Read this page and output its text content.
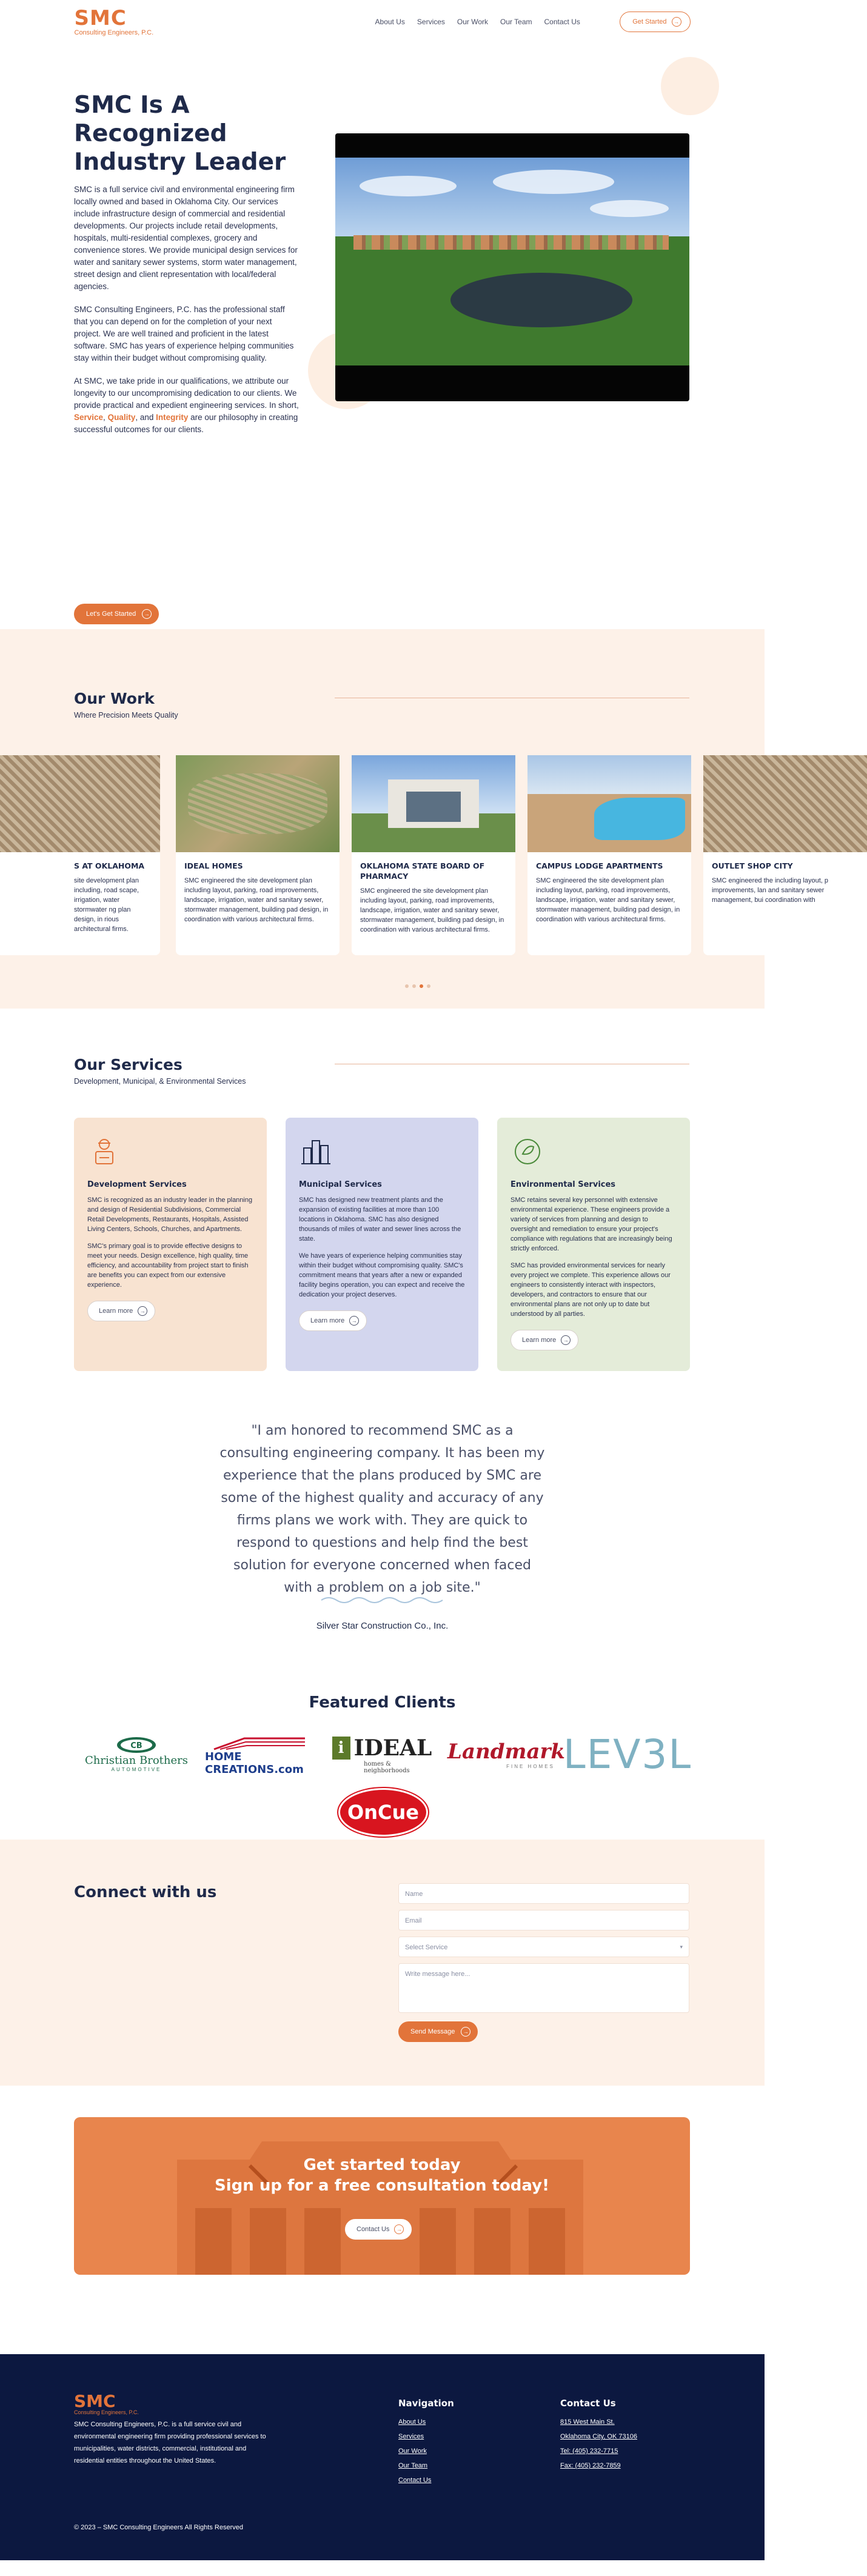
SMC
Consulting Engineers, P.C.
About Us Services Our Work Our Team Contact Us	Get Started	→
SMC Is A Recognized Industry Leader

SMC is a full service civil and environmental engineering firm locally owned and based in Oklahoma City. Our services include infrastructure design of commercial and residential developments. Our projects include retail developments, hospitals, multi-residential complexes, grocery and convenience stores. We provide municipal design services for water and sanitary sewer systems, storm water management, street design and client representation with local/federal agencies.

SMC Consulting Engineers, P.C. has the professional staff that you can depend on for the completion of your next project. We are well trained and proficient in the latest software. SMC has years of experience helping communities stay within their budget without compromising quality.

At SMC, we take pride in our qualifications, we attribute our longevity to our uncompromising dedication to our clients. We provide practical and expedient engineering services. In short, Service, Quality, and Integrity are our philosophy in creating successful outcomes for our clients.

Let's Get Started	→
Our Work

Where Precision Meets Quality

S AT OKLAHOMA

site development plan including, road scape, irrigation, water stormwater ng plan design, in rious architectural firms.

IDEAL HOMES

SMC engineered the site development plan including layout, parking, road improvements, landscape, irrigation, water and sanitary sewer, stormwater management, building pad design, in coordination with various architectural firms.

OKLAHOMA STATE BOARD OF PHARMACY

SMC engineered the site development plan including layout, parking, road improvements, landscape, irrigation, water and sanitary sewer, stormwater management, building pad design, in coordination with various architectural firms.

CAMPUS LODGE APARTMENTS

SMC engineered the site development plan including layout, parking, road improvements, landscape, irrigation, water and sanitary sewer, stormwater management, building pad design, in coordination with various architectural firms.

OUTLET SHOP CITY

SMC engineered the including layout, p improvements, lan and sanitary sewer management, bui coordination with

Our Services

Development, Municipal, & Environmental Services

Development Services

SMC is recognized as an industry leader in the planning and design of Residential Subdivisions, Commercial Retail Developments, Restaurants, Hospitals, Assisted Living Centers, Schools, Churches, and Apartments.

SMC's primary goal is to provide effective designs to meet your needs. Design excellence, high quality, time efficiency, and accountability from project start to finish are benefits you can expect from our extensive experience.

Learn more	→
Municipal Services

SMC has designed new treatment plants and the expansion of existing facilities at more than 100 locations in Oklahoma. SMC has also designed thousands of miles of water and sewer lines across the state.

We have years of experience helping communities stay within their budget without compromising quality. SMC's commitment means that years after a new or expanded facility begins operation, you can expect and receive the dedication your project deserves.

Learn more	→
Environmental Services

SMC retains several key personnel with extensive environmental experience. These engineers provide a variety of services from planning and design to oversight and remediation to ensure your project's compliance with regulations that are increasingly being strictly enforced.

SMC has provided environmental services for nearly every project we complete. This experience allows our engineers to consistently interact with inspectors, developers, and contractors to ensure that our environmental plans are not only up to date but understood by all parties.

Learn more	→

"I am honored to recommend SMC as a consulting engineering company. It has been my experience that the plans produced by SMC are some of the highest quality and accuracy of any firms plans we work with. They are quick to respond to questions and help find the best solution for everyone concerned when faced with a problem on a job site."

Silver Star Construction Co., Inc.

Featured Clients
CB
Christian Brothers
AUTOMOTIVE
HOME CREATIONS.com
i IDEAL
homes & neighborhoods
Landmark
FINE HOMES LEV3L
OnCue
Connect with us	Name
Email
Select Service	▾
Write message here...
Send Message	→
Get started today
Sign up for a free consultation today!
Contact Us	→
SMC
Consulting Engineers, P.C.

SMC Consulting Engineers, P.C. is a full service civil and environmental engineering firm providing professional services to municipalities, water districts, commercial, institutional and residential entities throughout the United States.

Navigation
About Us
Services
Our Work
Our Team
Contact Us
Contact Us
815 West Main St.
Oklahoma City, OK 73106
Tel: (405) 232-7715
Fax: (405) 232-7859

© 2023 – SMC Consulting Engineers All Rights Reserved
